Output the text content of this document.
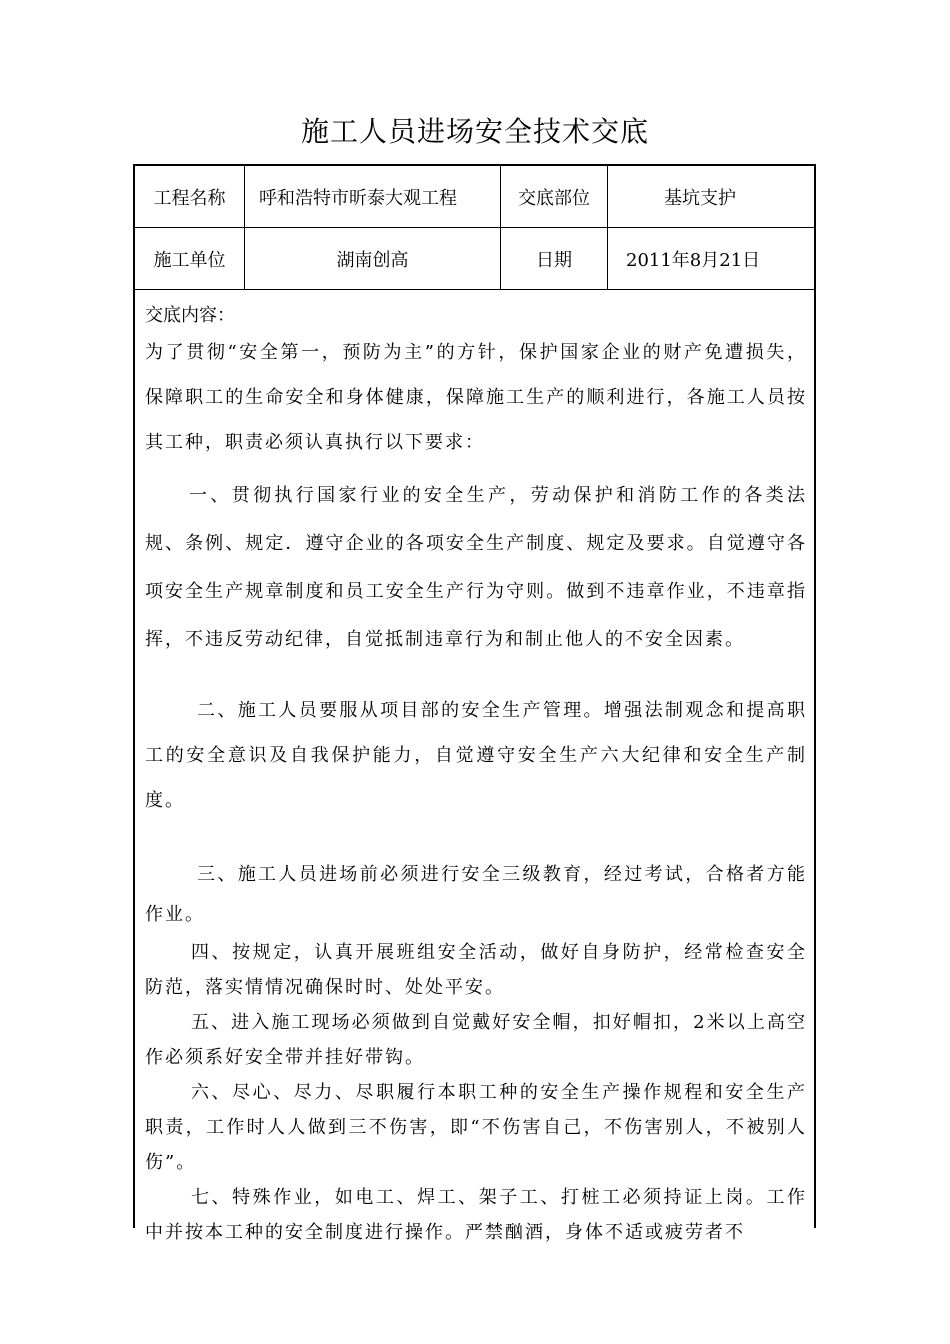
施工人员进场安全技术交底
工程名称	呼和浩特市昕泰大观工程	交底部位	基坑支护
施工单位	湖南创高	日期	2011年8月21日
交底内容：

为了贯彻“安全第一，预防为主”的方针，保护国家企业的财产免遭损失，保障职工的生命安全和身体健康，保障施工生产的顺利进行，各施工人员按其工种，职责必须认真执行以下要求：

一、贯彻执行国家行业的安全生产，劳动保护和消防工作的各类法规、条例、规定．遵守企业的各项安全生产制度、规定及要求。自觉遵守各项安全生产规章制度和员工安全生产行为守则。做到不违章作业，不违章指挥，不违反劳动纪律，自觉抵制违章行为和制止他人的不安全因素。

二、施工人员要服从项目部的安全生产管理。增强法制观念和提高职工的安全意识及自我保护能力，自觉遵守安全生产六大纪律和安全生产制度。

三、施工人员进场前必须进行安全三级教育，经过考试，合格者方能作业。

四、按规定，认真开展班组安全活动，做好自身防护，经常检查安全防范，落实情情况确保时时、处处平安。

五、进入施工现场必须做到自觉戴好安全帽，扣好帽扣，2米以上高空作必须系好安全带并挂好带钩。

六、尽心、尽力、尽职履行本职工种的安全生产操作规程和安全生产职责，工作时人人做到三不伤害，即“不伤害自己，不伤害别人，不被别人伤”。

七、特殊作业，如电工、焊工、架子工、打桩工必须持证上岗。工作中并按本工种的安全制度进行操作。严禁酗酒，身体不适或疲劳者不
